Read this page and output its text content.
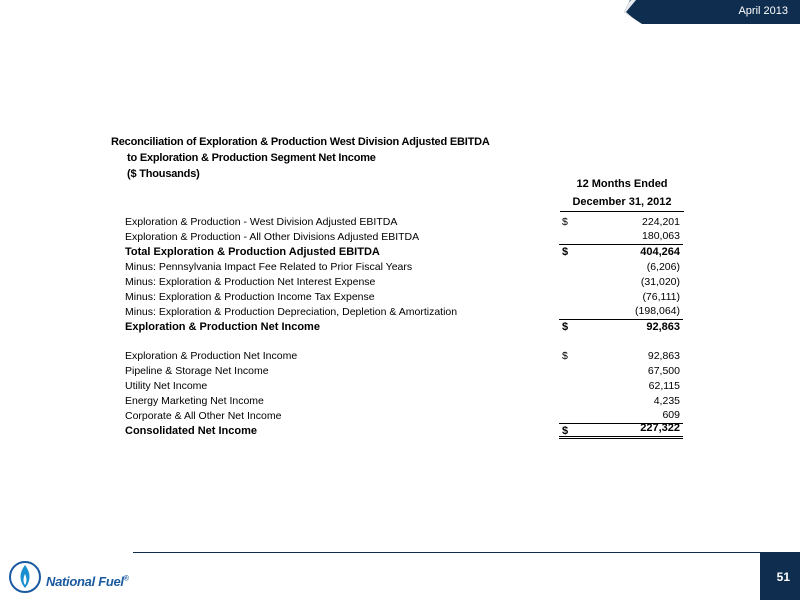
April 2013
Reconciliation of Exploration & Production West Division Adjusted EBITDA
to Exploration & Production Segment Net Income
($ Thousands)
12 Months Ended
December 31, 2012
Exploration & Production - West Division Adjusted EBITDA	$	224,201
Exploration & Production - All Other Divisions Adjusted EBITDA	180,063
Total Exploration & Production Adjusted EBITDA	$	404,264
Minus: Pennsylvania Impact Fee Related to Prior Fiscal Years	(6,206)
Minus: Exploration & Production Net Interest Expense	(31,020)
Minus: Exploration & Production Income Tax Expense	(76,111)
Minus: Exploration & Production Depreciation, Depletion & Amortization	(198,064)
Exploration & Production Net Income	$	92,863
Exploration & Production Net Income	$	92,863
Pipeline & Storage Net Income	67,500
Utility Net Income	62,115
Energy Marketing Net Income	4,235
Corporate & All Other Net Income	609
Consolidated Net Income	$	227,322
National Fuel®	51
